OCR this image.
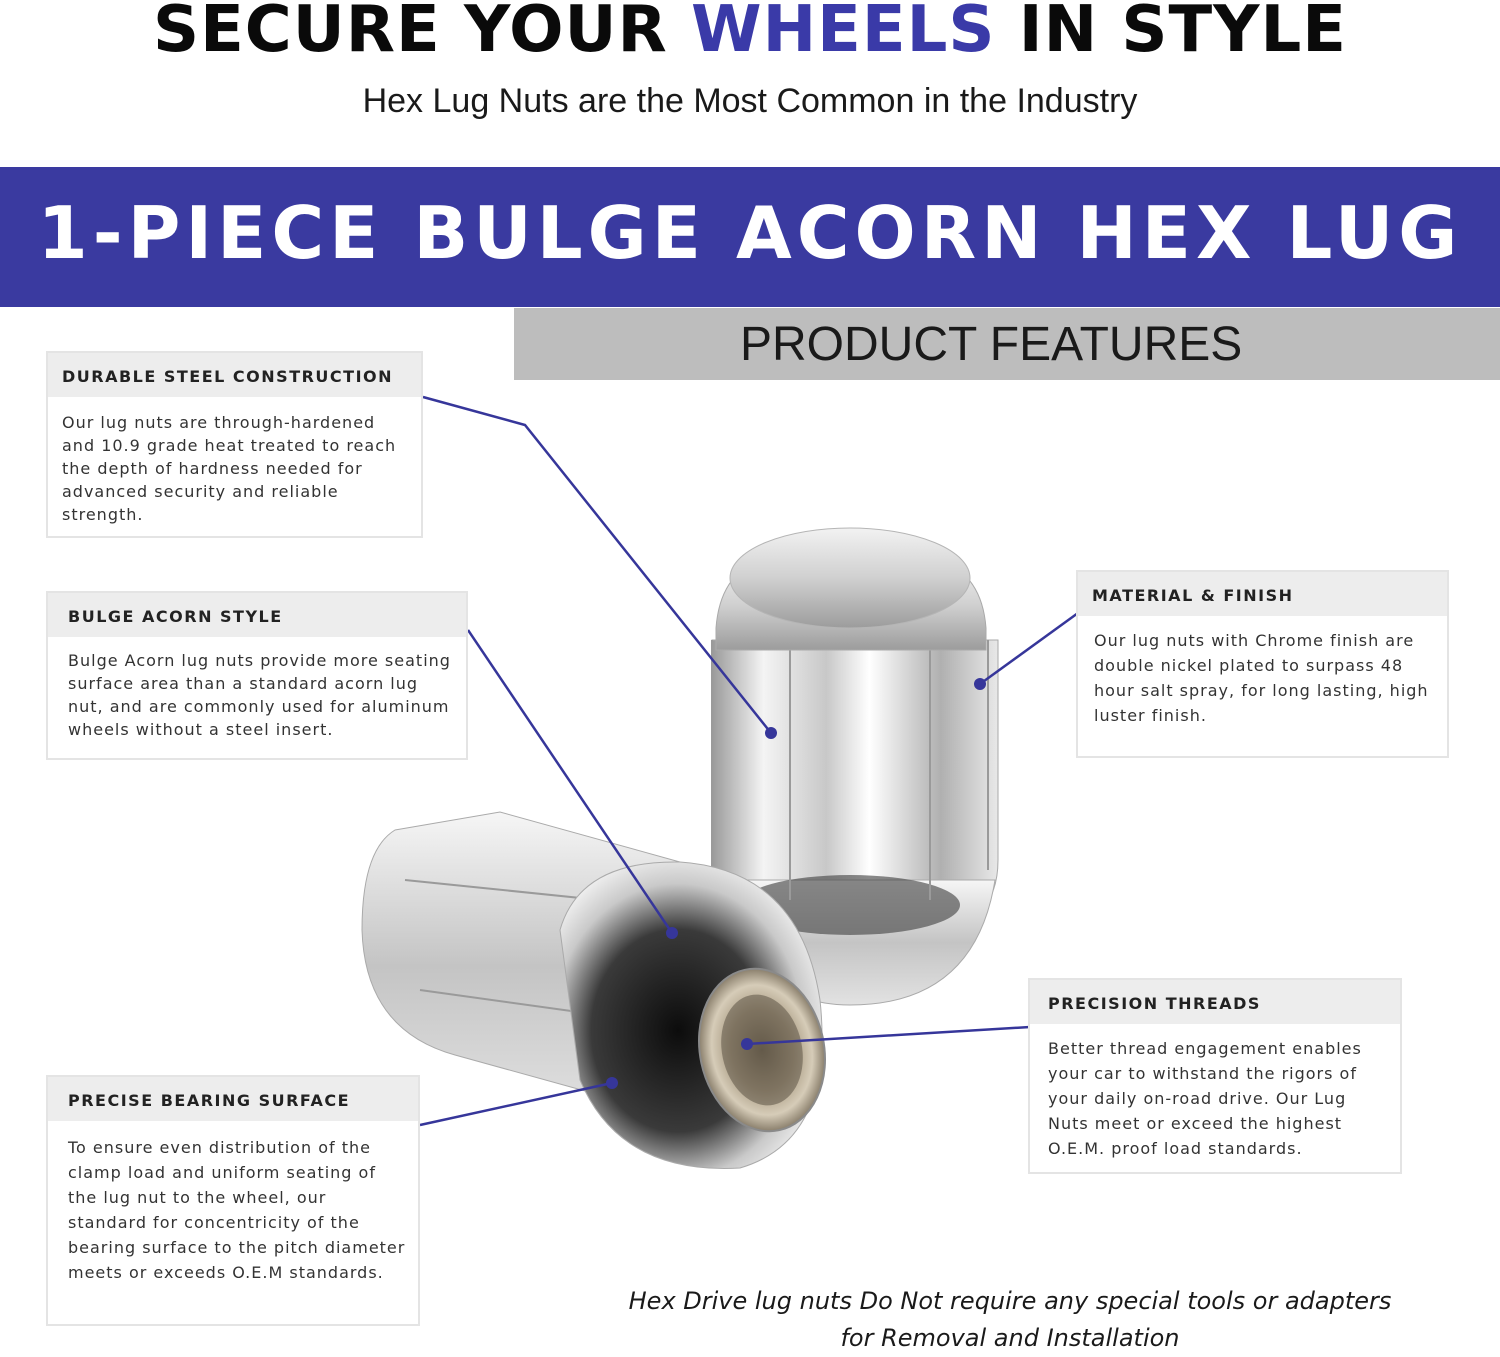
SECURE YOUR WHEELS IN STYLE
Hex Lug Nuts are the Most Common in the Industry
1-PIECE BULGE ACORN HEX LUG
PRODUCT FEATURES
DURABLE STEEL CONSTRUCTION
Our lug nuts are through-hardened and 10.9 grade heat treated to reach the depth of hardness needed for advanced security and reliable strength.
BULGE ACORN STYLE
Bulge Acorn lug nuts provide more seating surface area than a standard acorn lug nut, and are commonly used for aluminum wheels without a steel insert.
PRECISE BEARING SURFACE
To ensure even distribution of the clamp load and uniform seating of the lug nut to the wheel, our standard for concentricity of the bearing surface to the pitch diameter meets or exceeds O.E.M standards.
MATERIAL & FINISH
Our lug nuts with Chrome finish are double nickel plated to surpass 48 hour salt spray, for long lasting, high luster finish.
PRECISION THREADS
Better thread engagement enables your car to withstand the rigors of your daily on-road drive. Our Lug Nuts meet or exceed the highest O.E.M. proof load standards.
Hex Drive lug nuts Do Not require any special tools or adapters
for Removal and Installation
